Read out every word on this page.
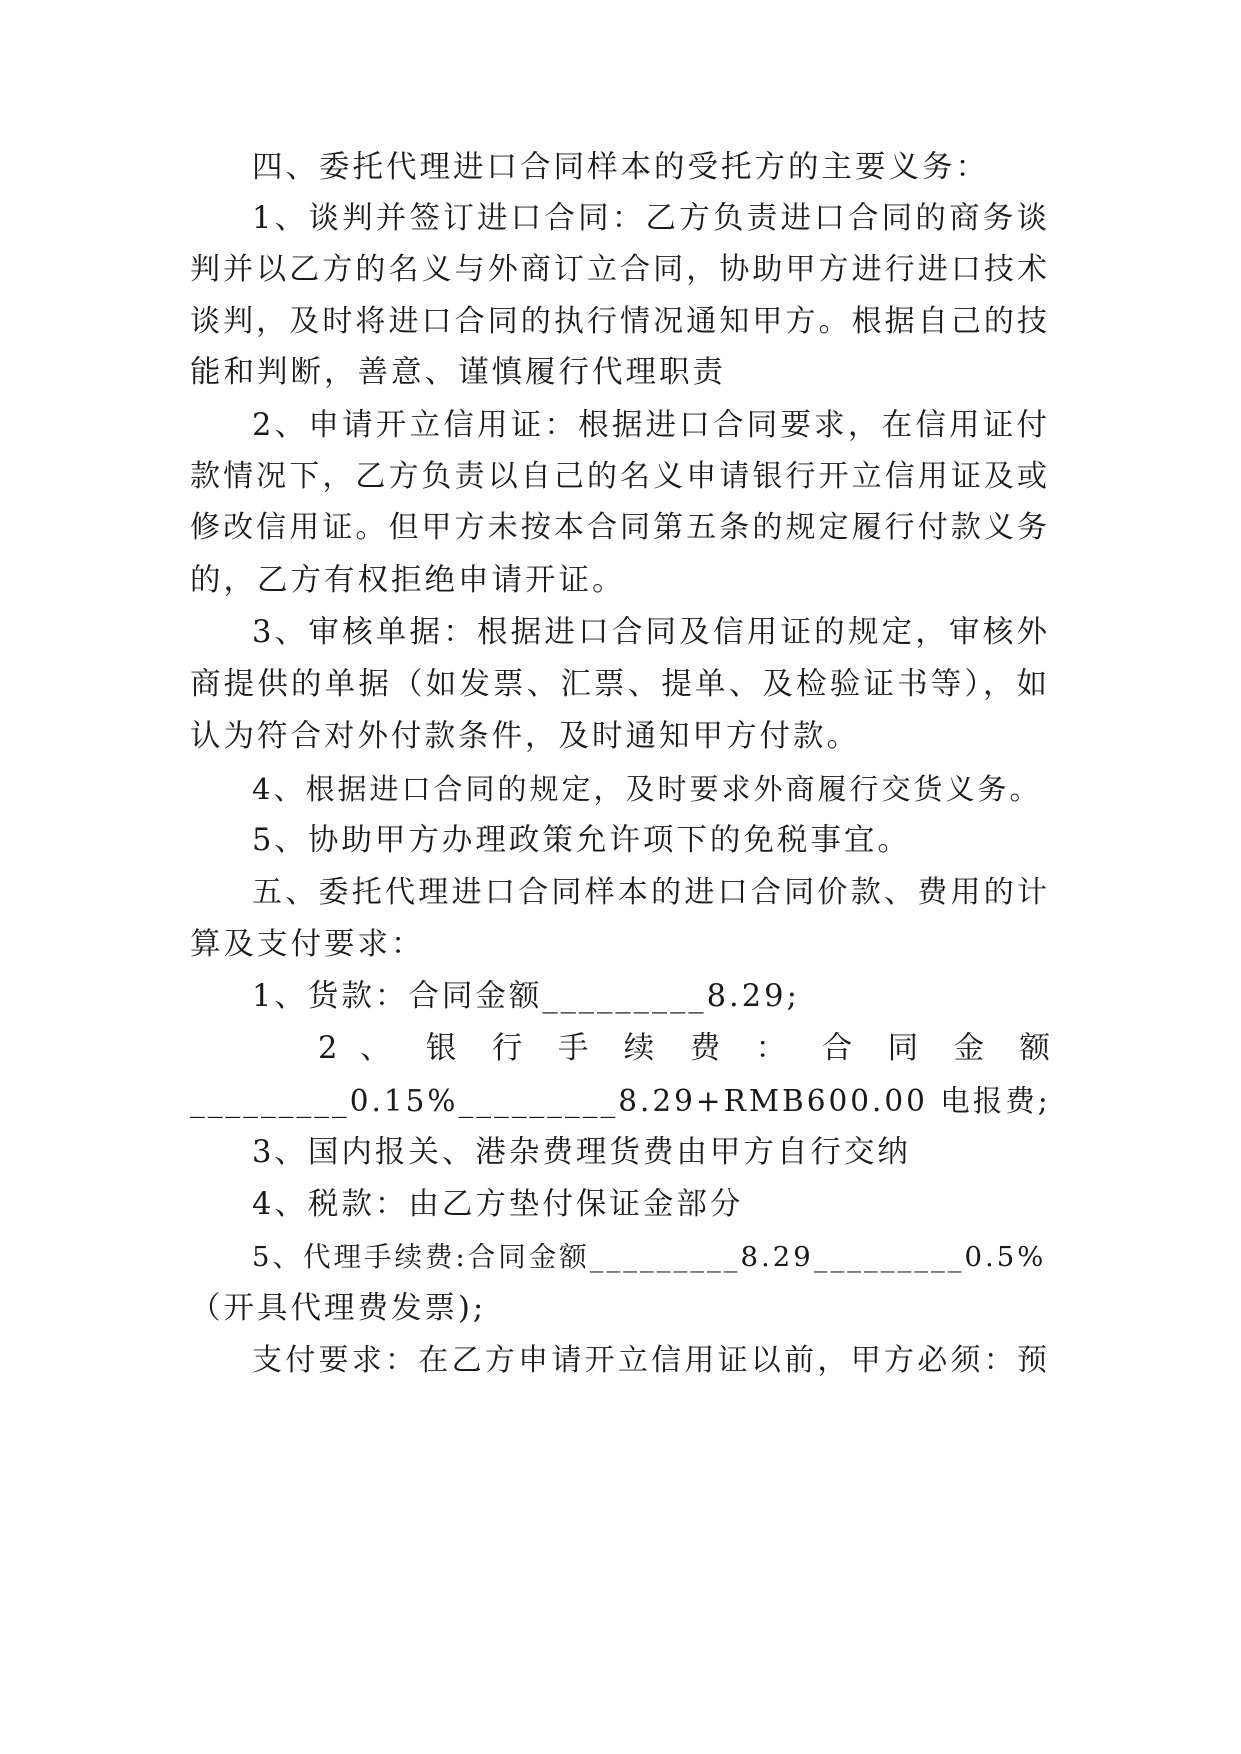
四、委托代理进口合同样本的受托方的主要义务：
1、谈判并签订进口合同：乙方负责进口合同的商务谈
判并以乙方的名义与外商订立合同，协助甲方进行进口技术
谈判，及时将进口合同的执行情况通知甲方。根据自己的技
能和判断，善意、谨慎履行代理职责
2、申请开立信用证：根据进口合同要求，在信用证付
款情况下，乙方负责以自己的名义申请银行开立信用证及或
修改信用证。但甲方未按本合同第五条的规定履行付款义务
的，乙方有权拒绝申请开证。
3、审核单据：根据进口合同及信用证的规定，审核外
商提供的单据（如发票、汇票、提单、及检验证书等），如
认为符合对外付款条件，及时通知甲方付款。
4、根据进口合同的规定，及时要求外商履行交货义务。
5、协助甲方办理政策允许项下的免税事宜。
五、委托代理进口合同样本的进口合同价款、费用的计
算及支付要求：
1、货款：合同金额_________8.29;
2 、 银 行 手 续 费 ： 合 同 金 额
_________0.15%_________8.29+RMB600.00 电报费;
3、国内报关、港杂费理货费由甲方自行交纳
4、税款：由乙方垫付保证金部分
5、代理手续费:合同金额_________8.29_________0.5%
（开具代理费发票);
支付要求：在乙方申请开立信用证以前，甲方必须：预
